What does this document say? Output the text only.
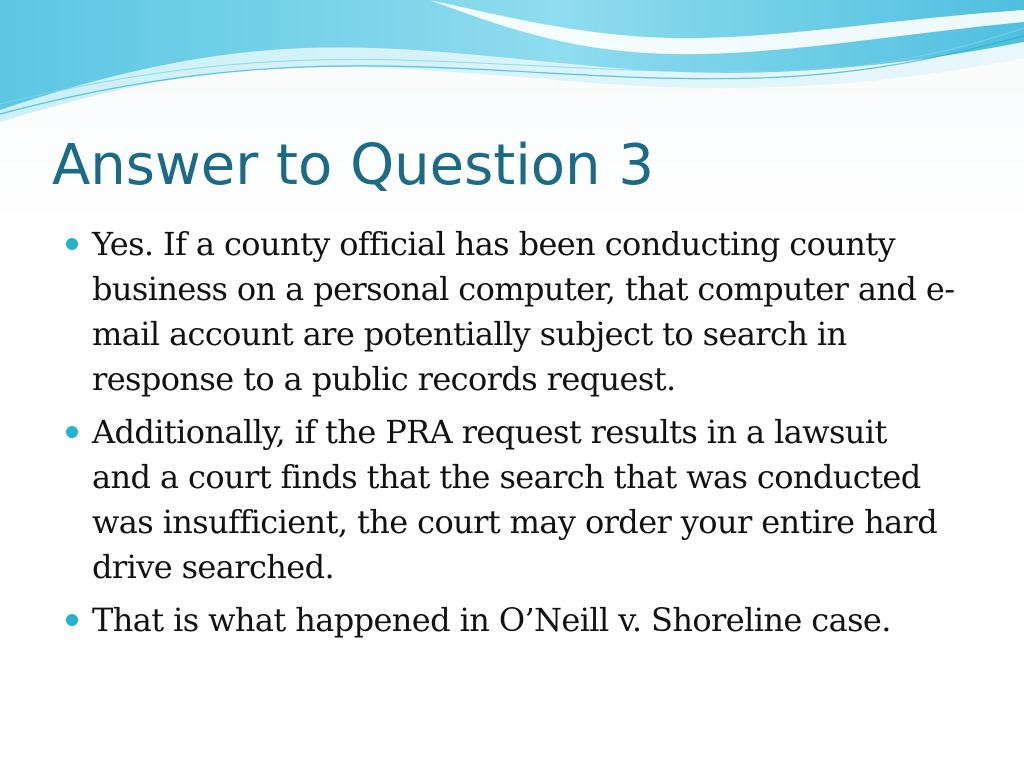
Answer to Question 3
Yes. If a county official has been conducting county
business on a personal computer, that computer and e-
mail account are potentially subject to search in
response to a public records request.
Additionally, if the PRA request results in a lawsuit
and a court finds that the search that was conducted
was insufficient, the court may order your entire hard
drive searched.
That is what happened in O’Neill v. Shoreline case.
